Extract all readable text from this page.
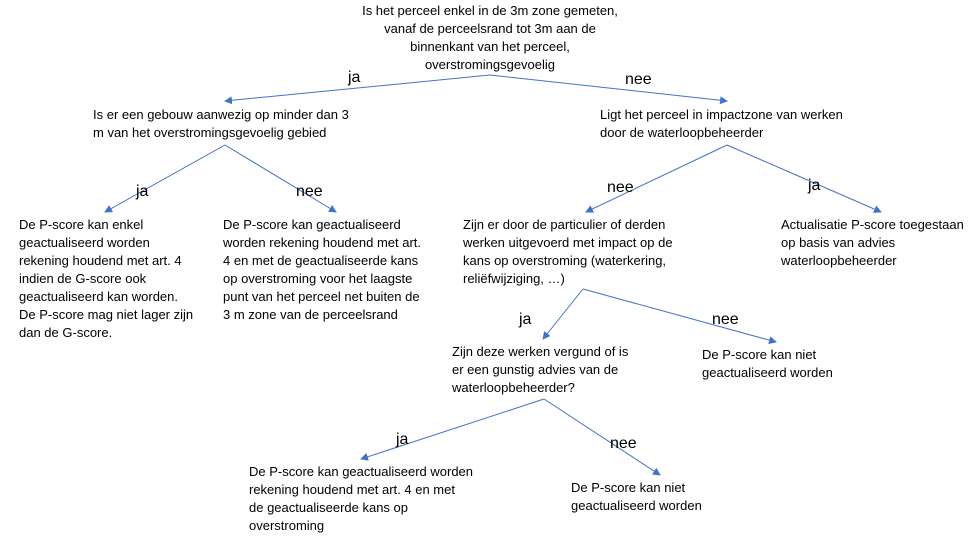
Is het perceel enkel in de 3m zone gemeten,
vanaf de perceelsrand tot 3m aan de
binnenkant van het perceel,
overstromingsgevoelig
Is er een gebouw aanwezig op minder dan 3
m van het overstromingsgevoelig gebied
Ligt het perceel in impactzone van werken
door de waterloopbeheerder
De P-score kan enkel
geactualiseerd worden
rekening houdend met art. 4
indien de G-score ook
geactualiseerd kan worden.
De P-score mag niet lager zijn
dan de G-score.
De P-score kan geactualiseerd
worden rekening houdend met art.
4 en met de geactualiseerde kans
op overstroming voor het laagste
punt van het perceel net buiten de
3 m zone van de perceelsrand
Zijn er door de particulier of derden
werken uitgevoerd met impact op de
kans op overstroming (waterkering,
reliëfwijziging, …)
Actualisatie P-score toegestaan
op basis van advies
waterloopbeheerder
Zijn deze werken vergund of is
er een gunstig advies van de
waterloopbeheerder?
De P-score kan niet
geactualiseerd worden
De P-score kan geactualiseerd worden
rekening houdend met art. 4 en met
de geactualiseerde kans op
overstroming
De P-score kan niet
geactualiseerd worden
ja	nee
ja	nee	nee	ja
ja	nee
ja	nee
